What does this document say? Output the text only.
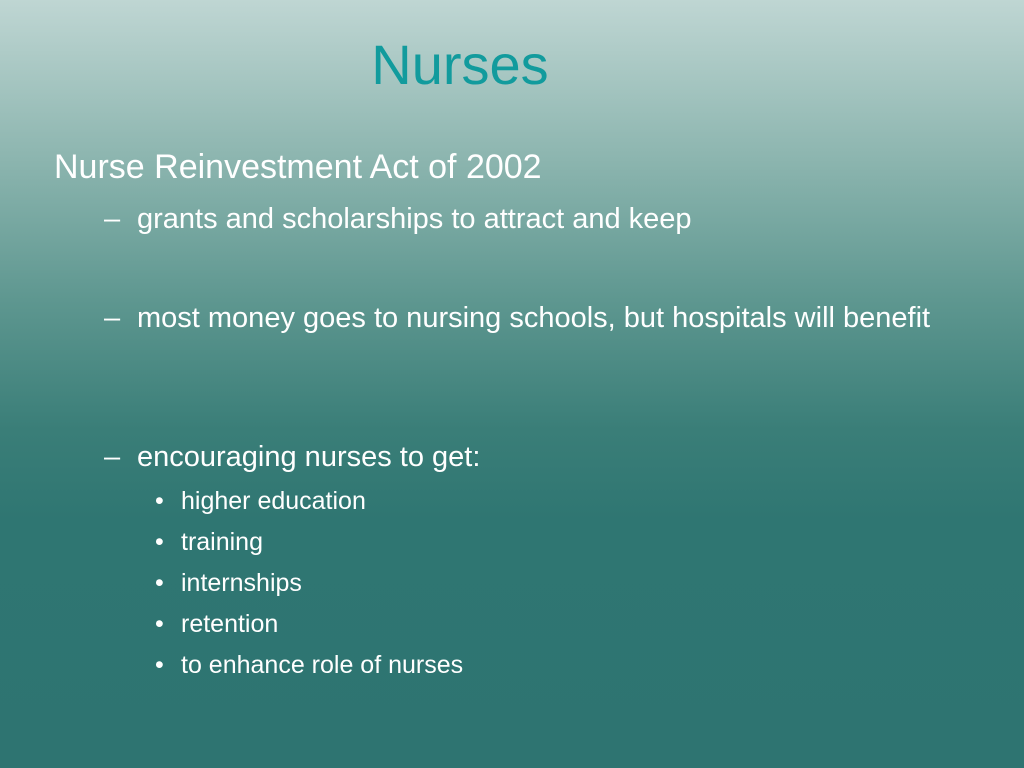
Nurses
Nurse Reinvestment Act of 2002
– grants and scholarships to attract and keep
– most money goes to nursing schools, but hospitals will benefit
– encouraging nurses to get:
• higher education
• training
• internships
• retention
• to enhance role of nurses
